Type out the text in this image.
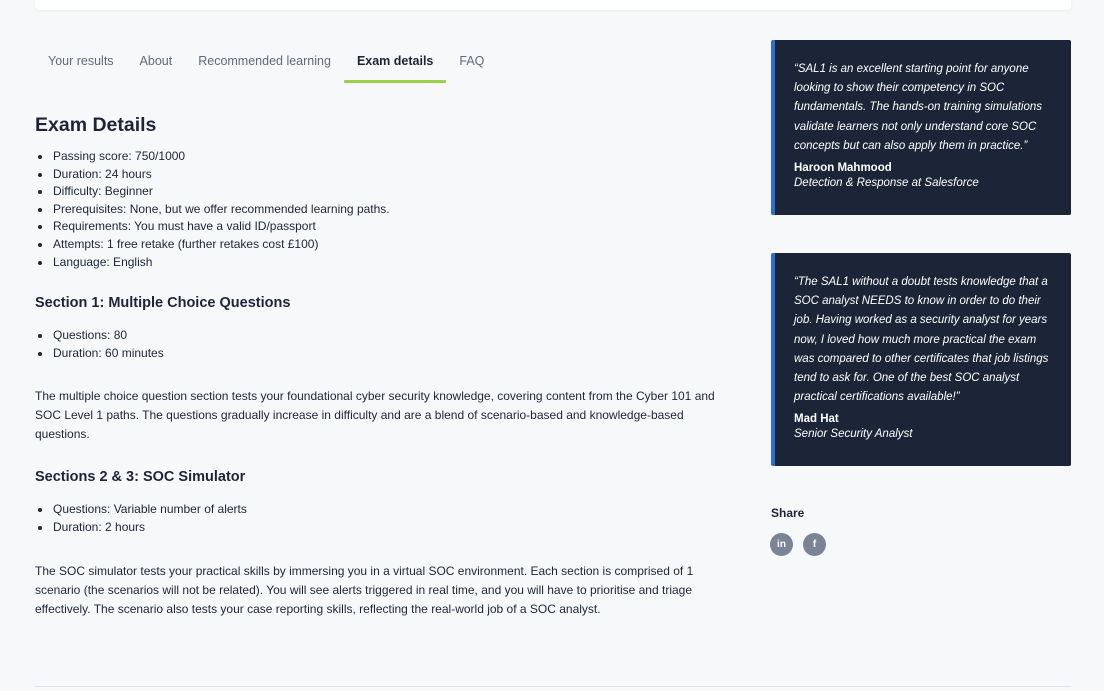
Your results	About	Recommended learning	Exam details	FAQ
Exam Details
Passing score: 750/1000
Duration: 24 hours
Difficulty: Beginner
Prerequisites: None, but we offer recommended learning paths.
Requirements: You must have a valid ID/passport
Attempts: 1 free retake (further retakes cost £100)
Language: English
Section 1: Multiple Choice Questions
Questions: 80
Duration: 60 minutes

The multiple choice question section tests your foundational cyber security knowledge, covering content from the Cyber 101 and SOC Level 1 paths. The questions gradually increase in difficulty and are a blend of scenario-based and knowledge-based questions.

Sections 2 & 3: SOC Simulator
Questions: Variable number of alerts
Duration: 2 hours

The SOC simulator tests your practical skills by immersing you in a virtual SOC environment. Each section is comprised of 1 scenario (the scenarios will not be related). You will see alerts triggered in real time, and you will have to prioritise and triage effectively. The scenario also tests your case reporting skills, reflecting the real-world job of a SOC analyst.

“SAL1 is an excellent starting point for anyone looking to show their competency in SOC fundamentals. The hands-on training simulations validate learners not only understand core SOC concepts but can also apply them in practice.”
Haroon Mahmood
Detection & Response at Salesforce
“The SAL1 without a doubt tests knowledge that a SOC analyst NEEDS to know in order to do their job. Having worked as a security analyst for years now, I loved how much more practical the exam was compared to other certificates that job listings tend to ask for. One of the best SOC analyst practical certifications available!”
Mad Hat
Senior Security Analyst
Share
in	f
